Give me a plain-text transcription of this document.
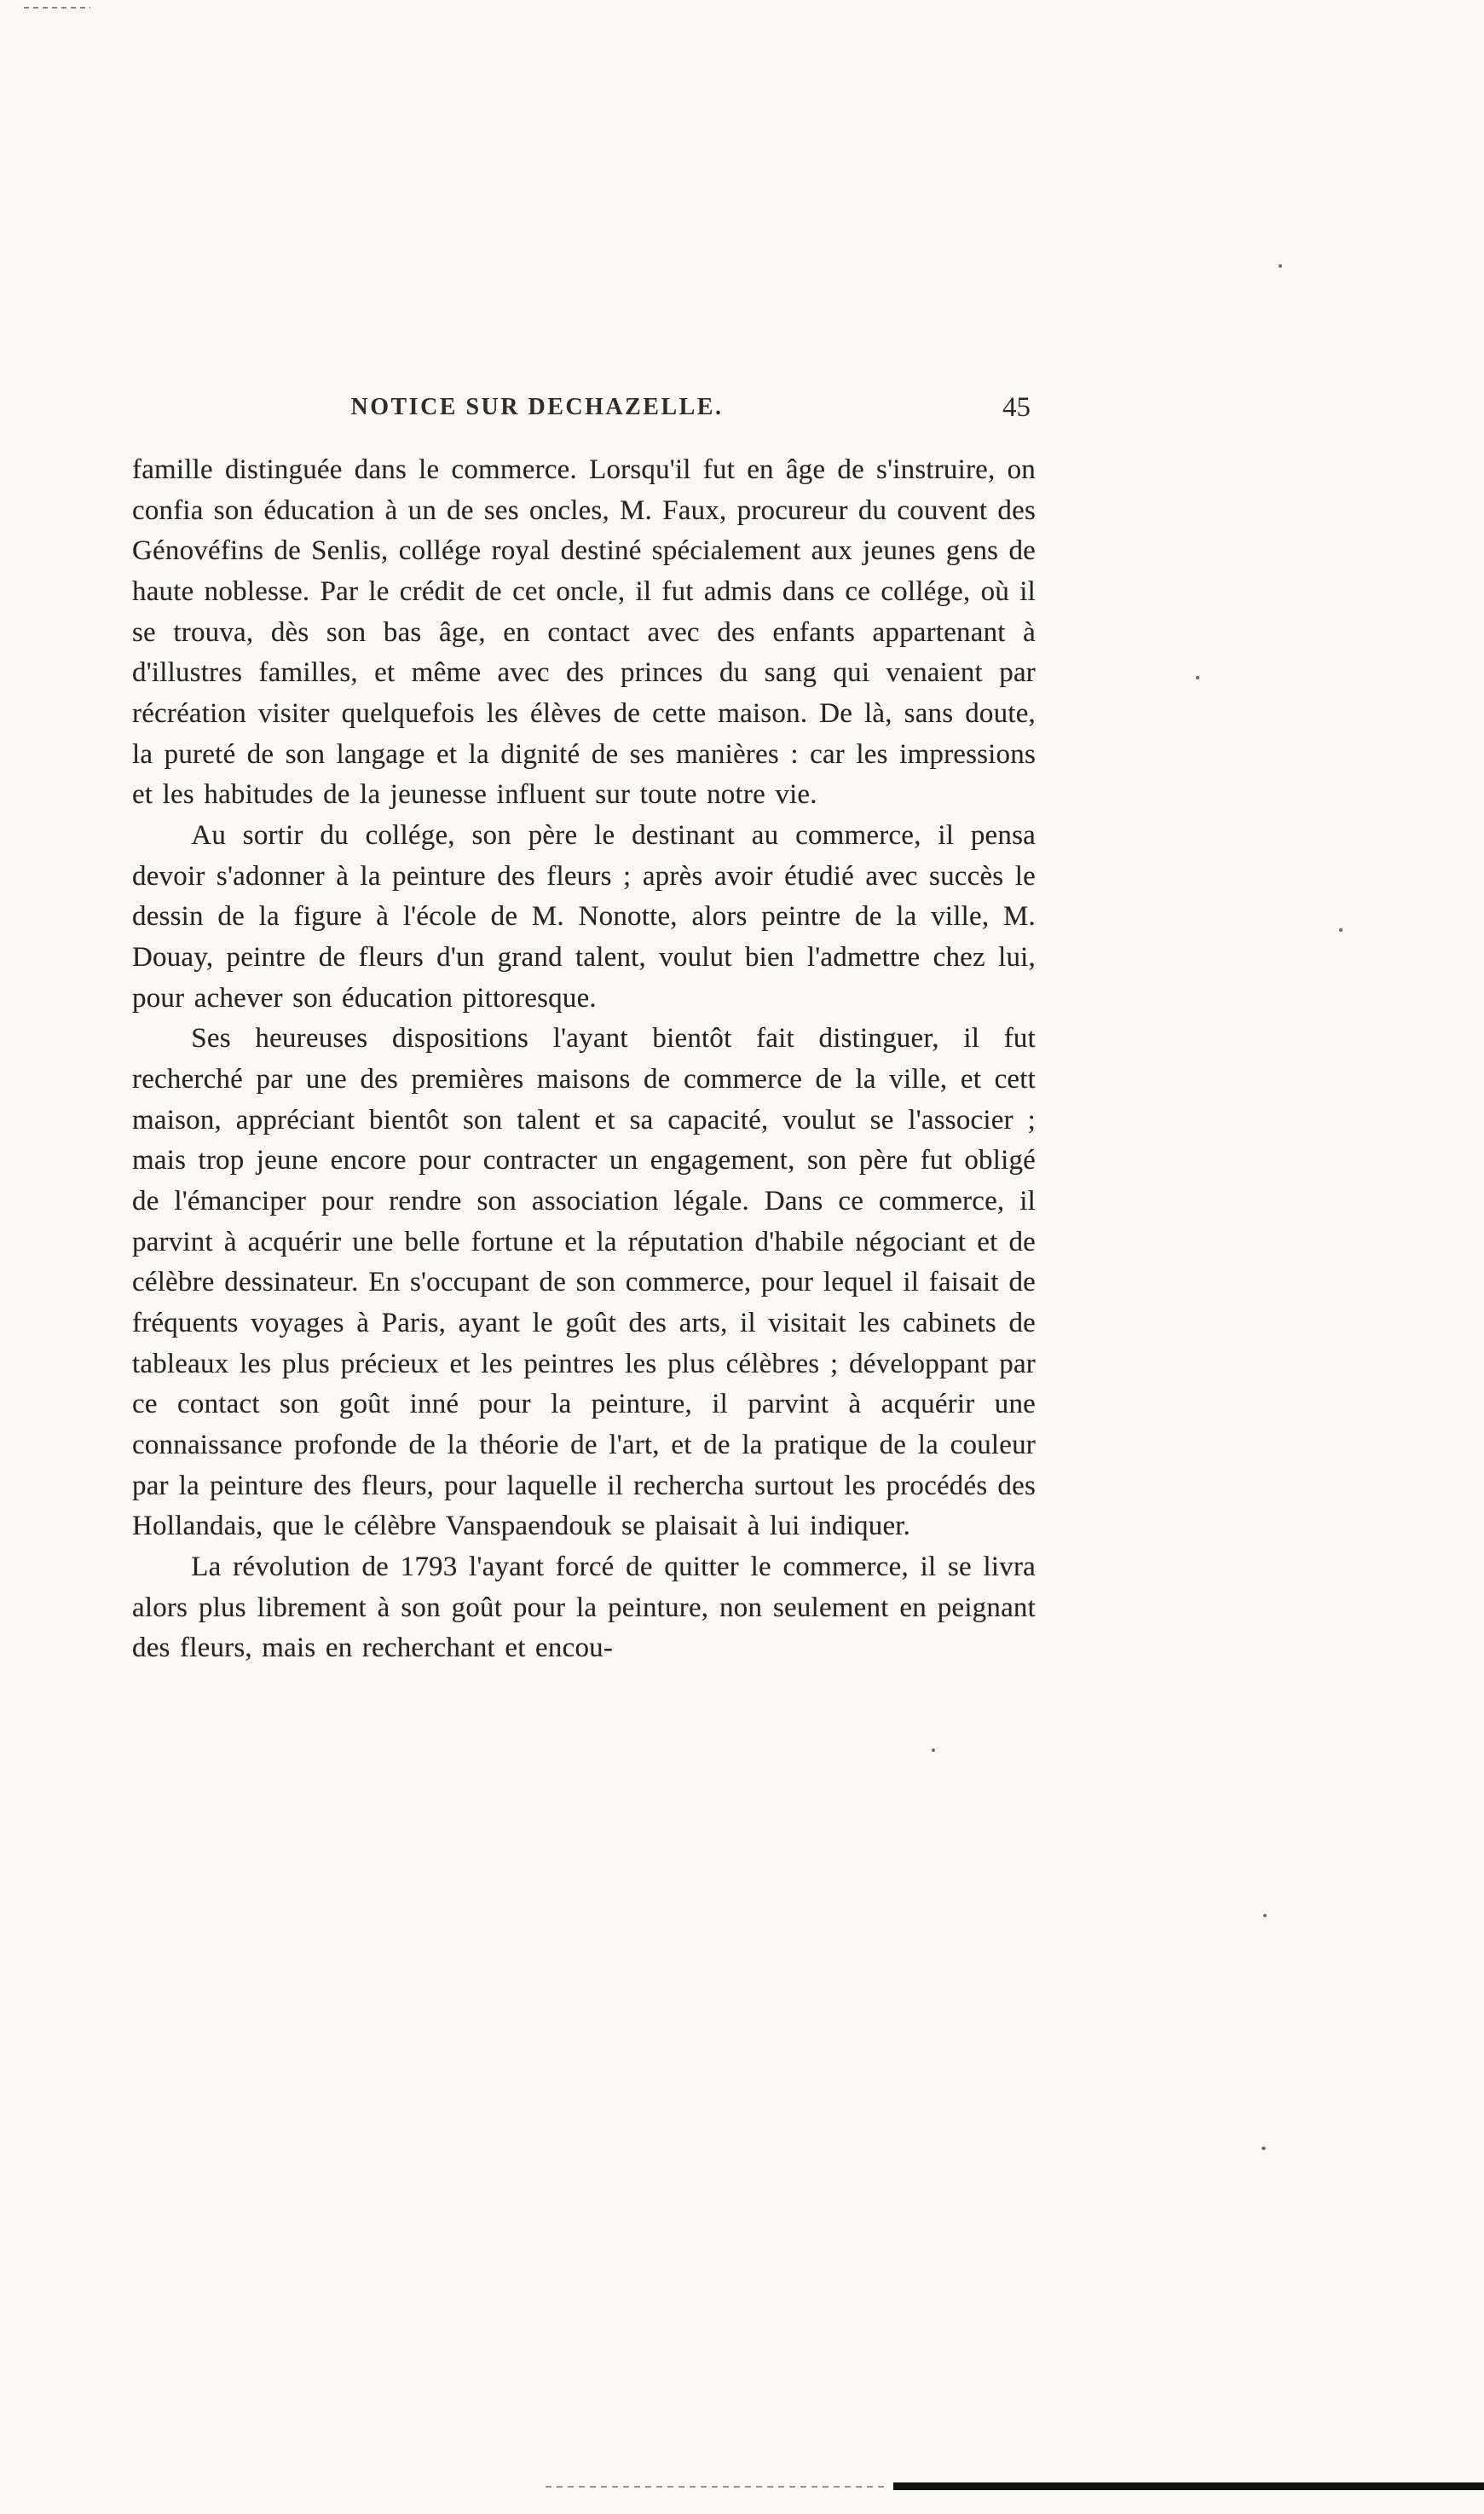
NOTICE SUR DECHAZELLE.	45

famille distinguée dans le commerce. Lorsqu'il fut en âge de s'instruire, on confia son éducation à un de ses oncles, M. Faux, procureur du couvent des Génovéfins de Senlis, collége royal destiné spécialement aux jeunes gens de haute noblesse. Par le crédit de cet oncle, il fut admis dans ce collége, où il se trouva, dès son bas âge, en contact avec des enfants appartenant à d'illustres familles, et même avec des princes du sang qui venaient par récréation visiter quelquefois les élèves de cette maison. De là, sans doute, la pureté de son langage et la dignité de ses manières : car les impressions et les habitudes de la jeunesse influent sur toute notre vie.

Au sortir du collége, son père le destinant au commerce, il pensa devoir s'adonner à la peinture des fleurs ; après avoir étudié avec succès le dessin de la figure à l'école de M. Nonotte, alors peintre de la ville, M. Douay, peintre de fleurs d'un grand talent, voulut bien l'admettre chez lui, pour achever son éducation pittoresque.

Ses heureuses dispositions l'ayant bientôt fait distinguer, il fut recherché par une des premières maisons de commerce de la ville, et cett maison, appréciant bientôt son talent et sa capacité, voulut se l'associer ; mais trop jeune encore pour contracter un engagement, son père fut obligé de l'émanciper pour rendre son association légale. Dans ce commerce, il parvint à acquérir une belle fortune et la réputation d'habile négociant et de célèbre dessinateur. En s'occupant de son commerce, pour lequel il faisait de fréquents voyages à Paris, ayant le goût des arts, il visitait les cabinets de tableaux les plus précieux et les peintres les plus célèbres ; développant par ce contact son goût inné pour la peinture, il parvint à acquérir une connaissance profonde de la théorie de l'art, et de la pratique de la couleur par la peinture des fleurs, pour laquelle il rechercha surtout les procédés des Hollandais, que le célèbre Vanspaendouk se plaisait à lui indiquer.

La révolution de 1793 l'ayant forcé de quitter le commerce, il se livra alors plus librement à son goût pour la peinture, non seulement en peignant des fleurs, mais en recherchant et encou-
